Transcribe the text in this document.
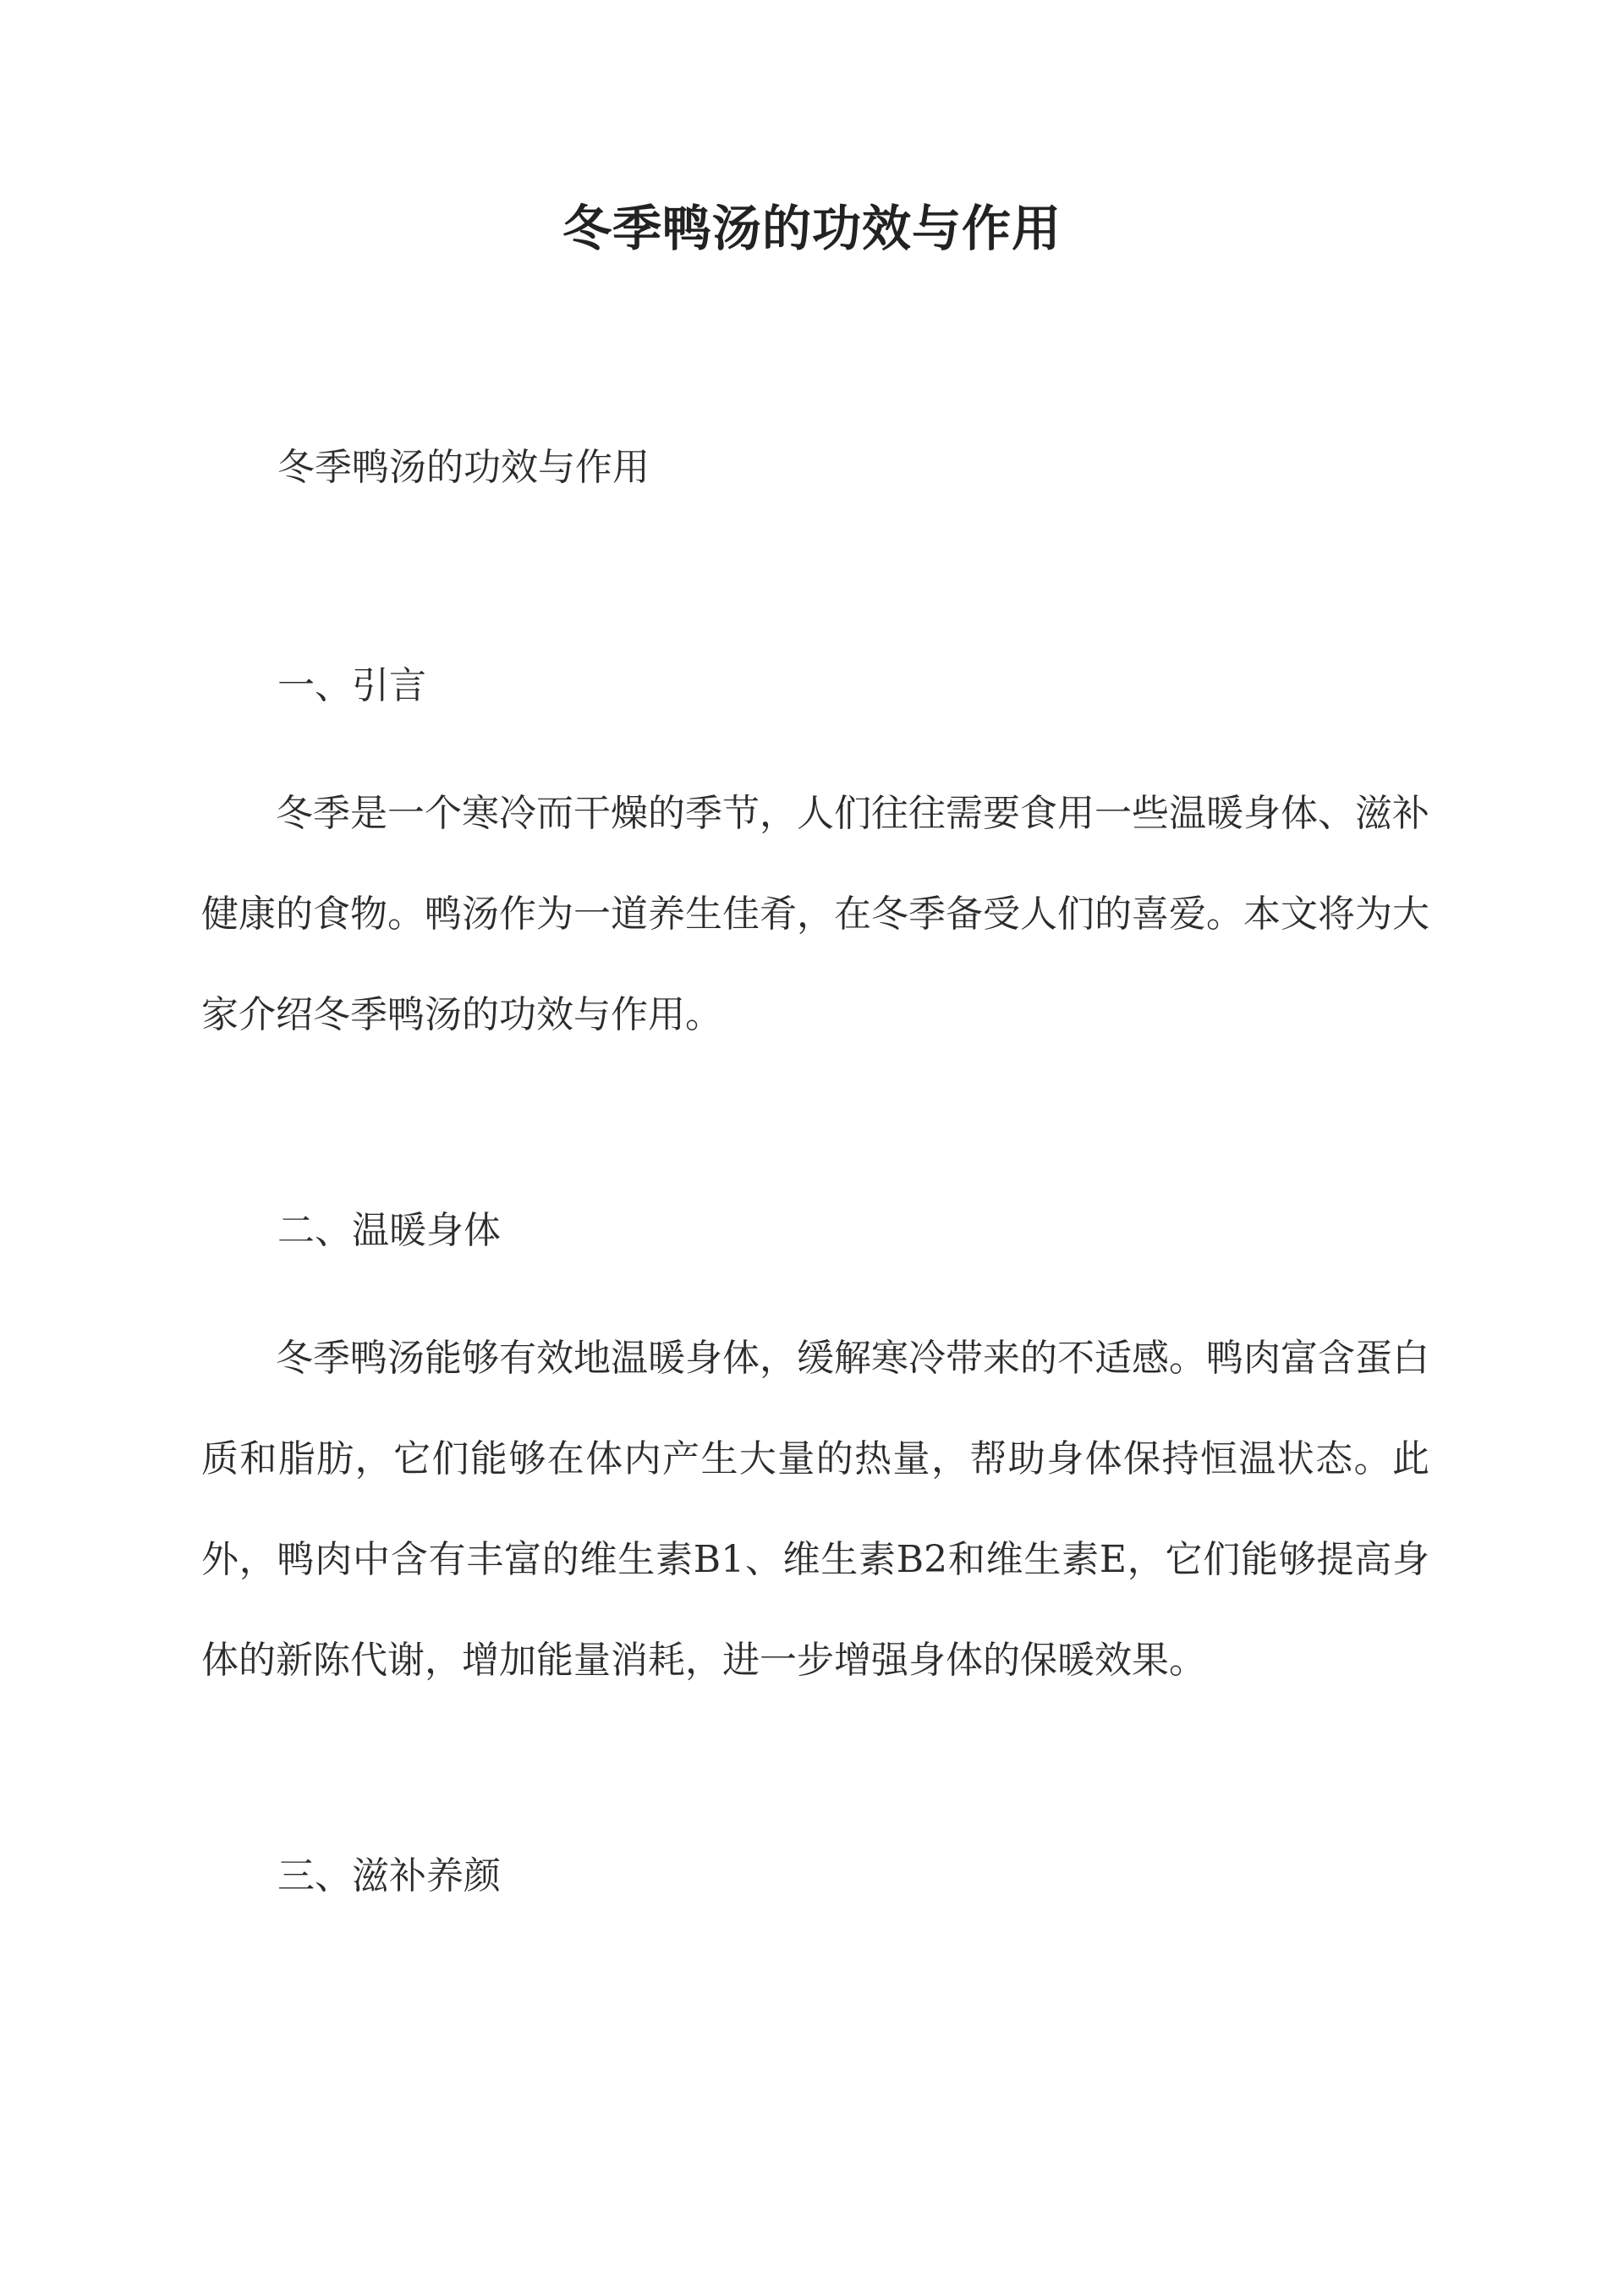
冬季鸭汤的功效与作用

冬季鸭汤的功效与作用

一、引言

冬季是一个寒冷而干燥的季节，人们往往需要食用一些温暖身体、滋补健康的食物。鸭汤作为一道养生佳肴，在冬季备受人们的喜爱。本文将为大家介绍冬季鸭汤的功效与作用。

二、温暖身体

冬季鸭汤能够有效地温暖身体，缓解寒冷带来的不适感。鸭肉富含蛋白质和脂肪，它们能够在体内产生大量的热量，帮助身体保持恒温状态。此外，鸭肉中含有丰富的维生素B1、维生素B2和维生素E，它们能够提高身体的新陈代谢，增加能量消耗，进一步增强身体的保暖效果。

三、滋补养颜
